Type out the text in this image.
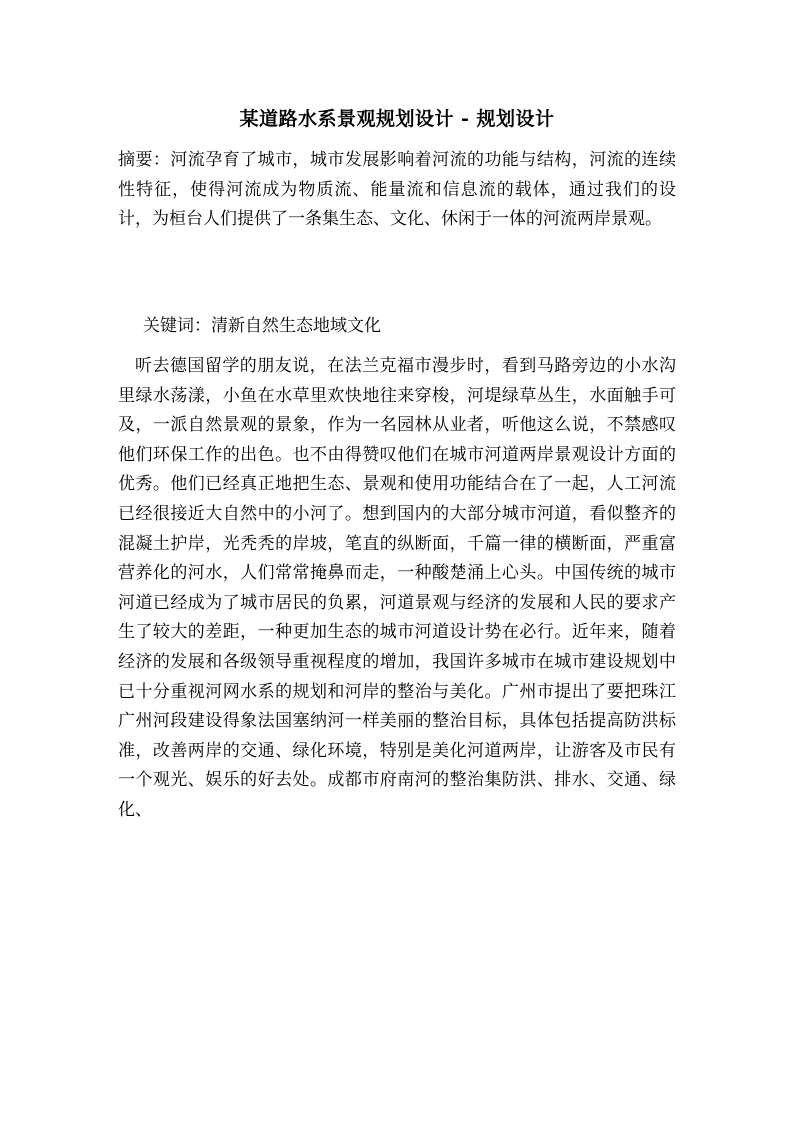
某道路水系景观规划设计 - 规划设计

摘要：河流孕育了城市，城市发展影响着河流的功能与结构，河流的连续性特征，使得河流成为物质流、能量流和信息流的载体，通过我们的设计，为桓台人们提供了一条集生态、文化、休闲于一体的河流两岸景观。

关键词：清新自然生态地域文化

听去德国留学的朋友说，在法兰克福市漫步时，看到马路旁边的小水沟里绿水荡漾，小鱼在水草里欢快地往来穿梭，河堤绿草丛生，水面触手可及，一派自然景观的景象，作为一名园林从业者，听他这么说，不禁感叹他们环保工作的出色。也不由得赞叹他们在城市河道两岸景观设计方面的优秀。他们已经真正地把生态、景观和使用功能结合在了一起，人工河流已经很接近大自然中的小河了。想到国内的大部分城市河道，看似整齐的混凝土护岸，光秃秃的岸坡，笔直的纵断面，千篇一律的横断面，严重富营养化的河水，人们常常掩鼻而走，一种酸楚涌上心头。中国传统的城市河道已经成为了城市居民的负累，河道景观与经济的发展和人民的要求产生了较大的差距，一种更加生态的城市河道设计势在必行。近年来，随着经济的发展和各级领导重视程度的增加，我国许多城市在城市建设规划中已十分重视河网水系的规划和河岸的整治与美化。广州市提出了要把珠江广州河段建设得象法国塞纳河一样美丽的整治目标，具体包括提高防洪标准，改善两岸的交通、绿化环境，特别是美化河道两岸，让游客及市民有一个观光、娱乐的好去处。成都市府南河的整治集防洪、排水、交通、绿化、
